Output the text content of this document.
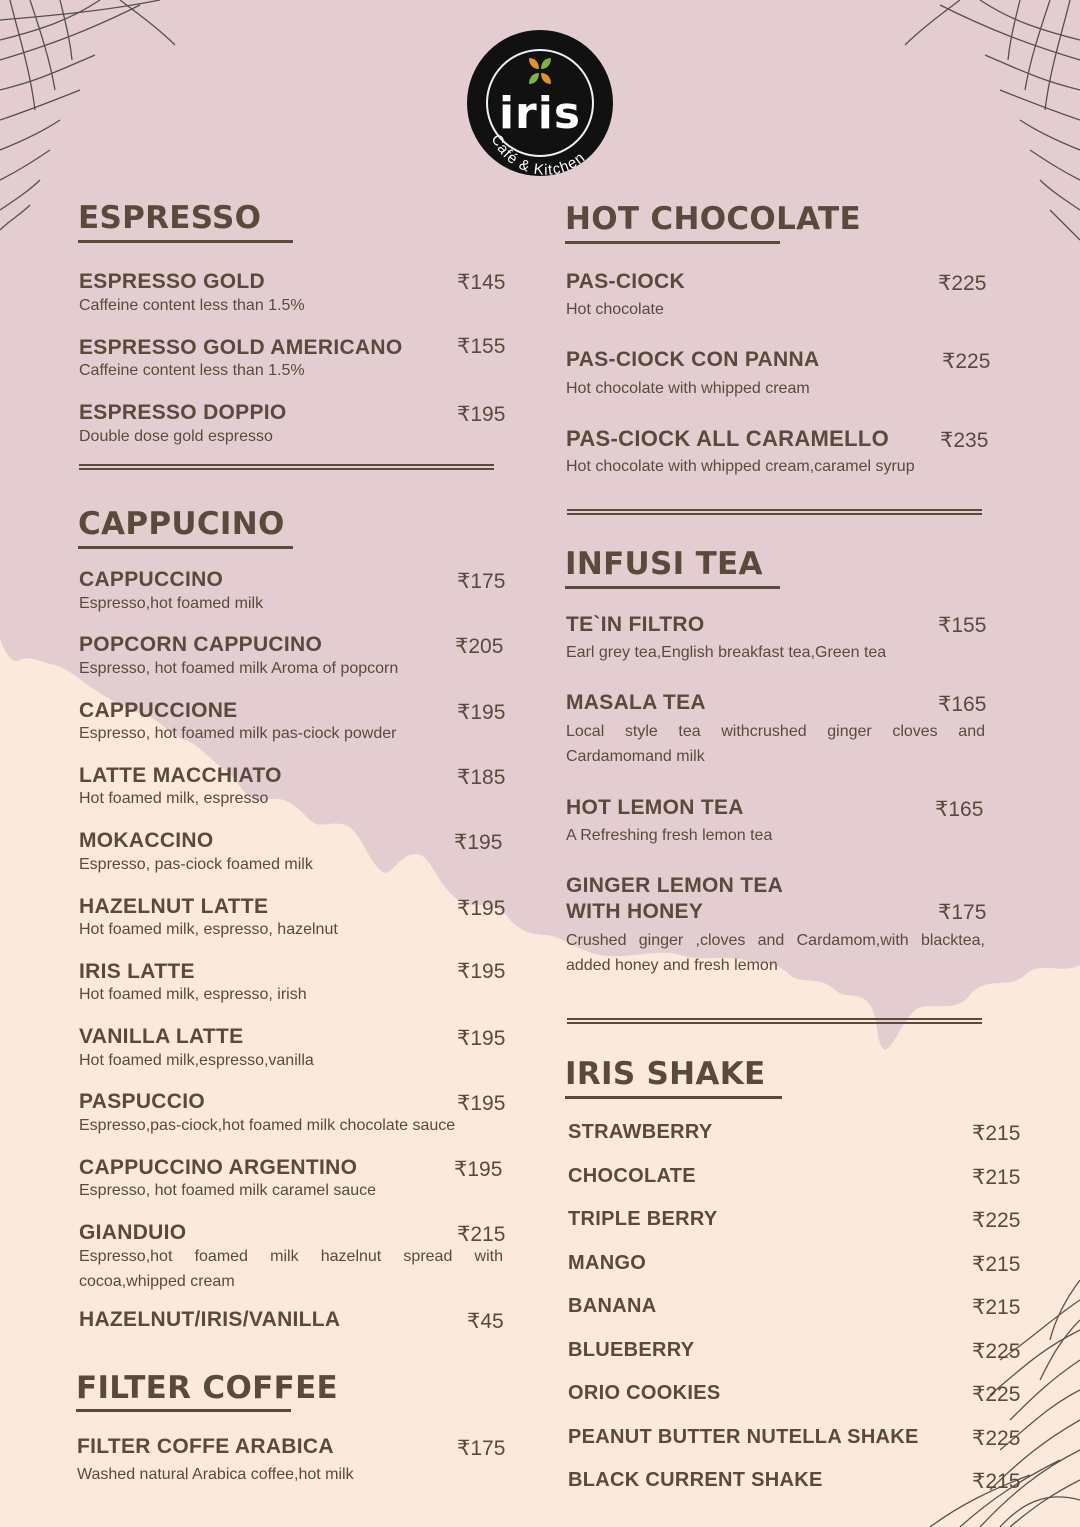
iris
Café & Kitchen
ESPRESSO
ESPRESSO GOLD	₹145
Caffeine content less than 1.5%
ESPRESSO GOLD AMERICANO	₹155
Caffeine content less than 1.5%
ESPRESSO DOPPIO	₹195
Double dose gold espresso
CAPPUCINO
CAPPUCCINO	₹175
Espresso,hot foamed milk
POPCORN CAPPUCINO	₹205
Espresso, hot foamed milk Aroma of popcorn
CAPPUCCIONE	₹195
Espresso, hot foamed milk pas-ciock powder
LATTE MACCHIATO	₹185
Hot foamed milk, espresso
MOKACCINO	₹195
Espresso, pas-ciock foamed milk
HAZELNUT LATTE	₹195
Hot foamed milk, espresso, hazelnut
IRIS LATTE	₹195
Hot foamed milk, espresso, irish
VANILLA LATTE	₹195
Hot foamed milk,espresso,vanilla
PASPUCCIO	₹195
Espresso,pas-ciock,hot foamed milk chocolate sauce
CAPPUCCINO ARGENTINO	₹195
Espresso, hot foamed milk caramel sauce
GIANDUIO	₹215
Espresso,hot foamed milk hazelnut spread with cocoa,whipped cream
HAZELNUT/IRIS/VANILLA	₹45
FILTER COFFEE
FILTER COFFE ARABICA	₹175
Washed natural Arabica coffee,hot milk
HOT CHOCOLATE
PAS-CIOCK	₹225
Hot chocolate
PAS-CIOCK CON PANNA	₹225
Hot chocolate with whipped cream
PAS-CIOCK ALL CARAMELLO ₹235
Hot chocolate with whipped cream,caramel syrup
INFUSI TEA
TE`IN FILTRO	₹155
Earl grey tea,English breakfast tea,Green tea
MASALA TEA	₹165
Local style tea withcrushed ginger cloves and Cardamomand milk
HOT LEMON TEA	₹165
A Refreshing fresh lemon tea
GINGER LEMON TEA
WITH HONEY	₹175
Crushed ginger ,cloves and Cardamom,with blacktea, added honey and fresh lemon
IRIS SHAKE
STRAWBERRY	₹215
CHOCOLATE	₹215
TRIPLE BERRY	₹225
MANGO	₹215
BANANA	₹215
BLUEBERRY	₹225
ORIO COOKIES	₹225
PEANUT BUTTER NUTELLA SHAKE	₹225
BLACK CURRENT SHAKE	₹215
